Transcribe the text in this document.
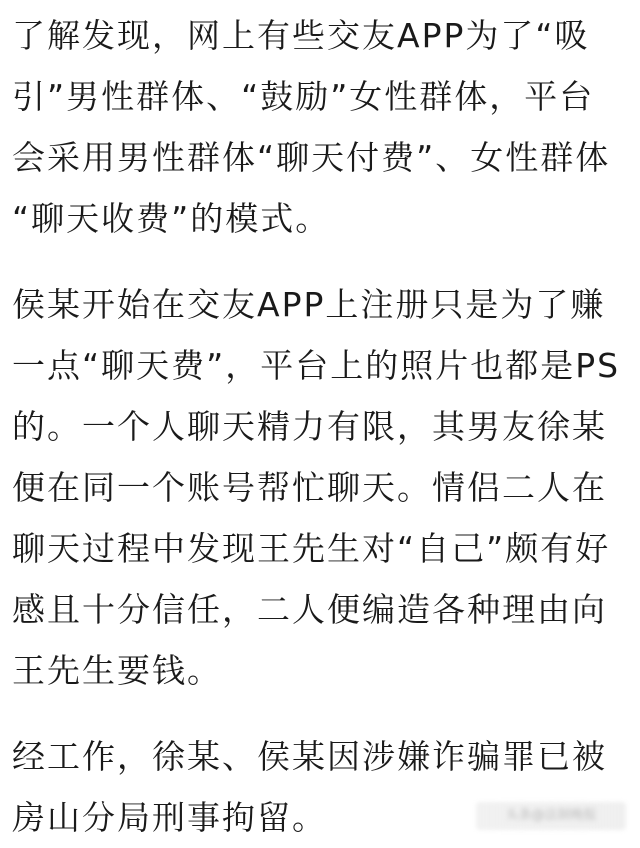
了解发现，网上有些交友APP为了“吸
引”男性群体、“鼓励”女性群体，平台
会采用男性群体“聊天付费”、女性群体
“聊天收费”的模式。
侯某开始在交友APP上注册只是为了赚
一点“聊天费”，平台上的照片也都是PS
的。一个人聊天精力有限，其男友徐某
便在同一个账号帮忙聊天。情侣二人在
聊天过程中发现王先生对“自己”颇有好
感且十分信任，二人便编造各种理由向
王先生要钱。
经工作，徐某、侯某因涉嫌诈骗罪已被
房山分局刑事拘留。	头条@法制晚报
